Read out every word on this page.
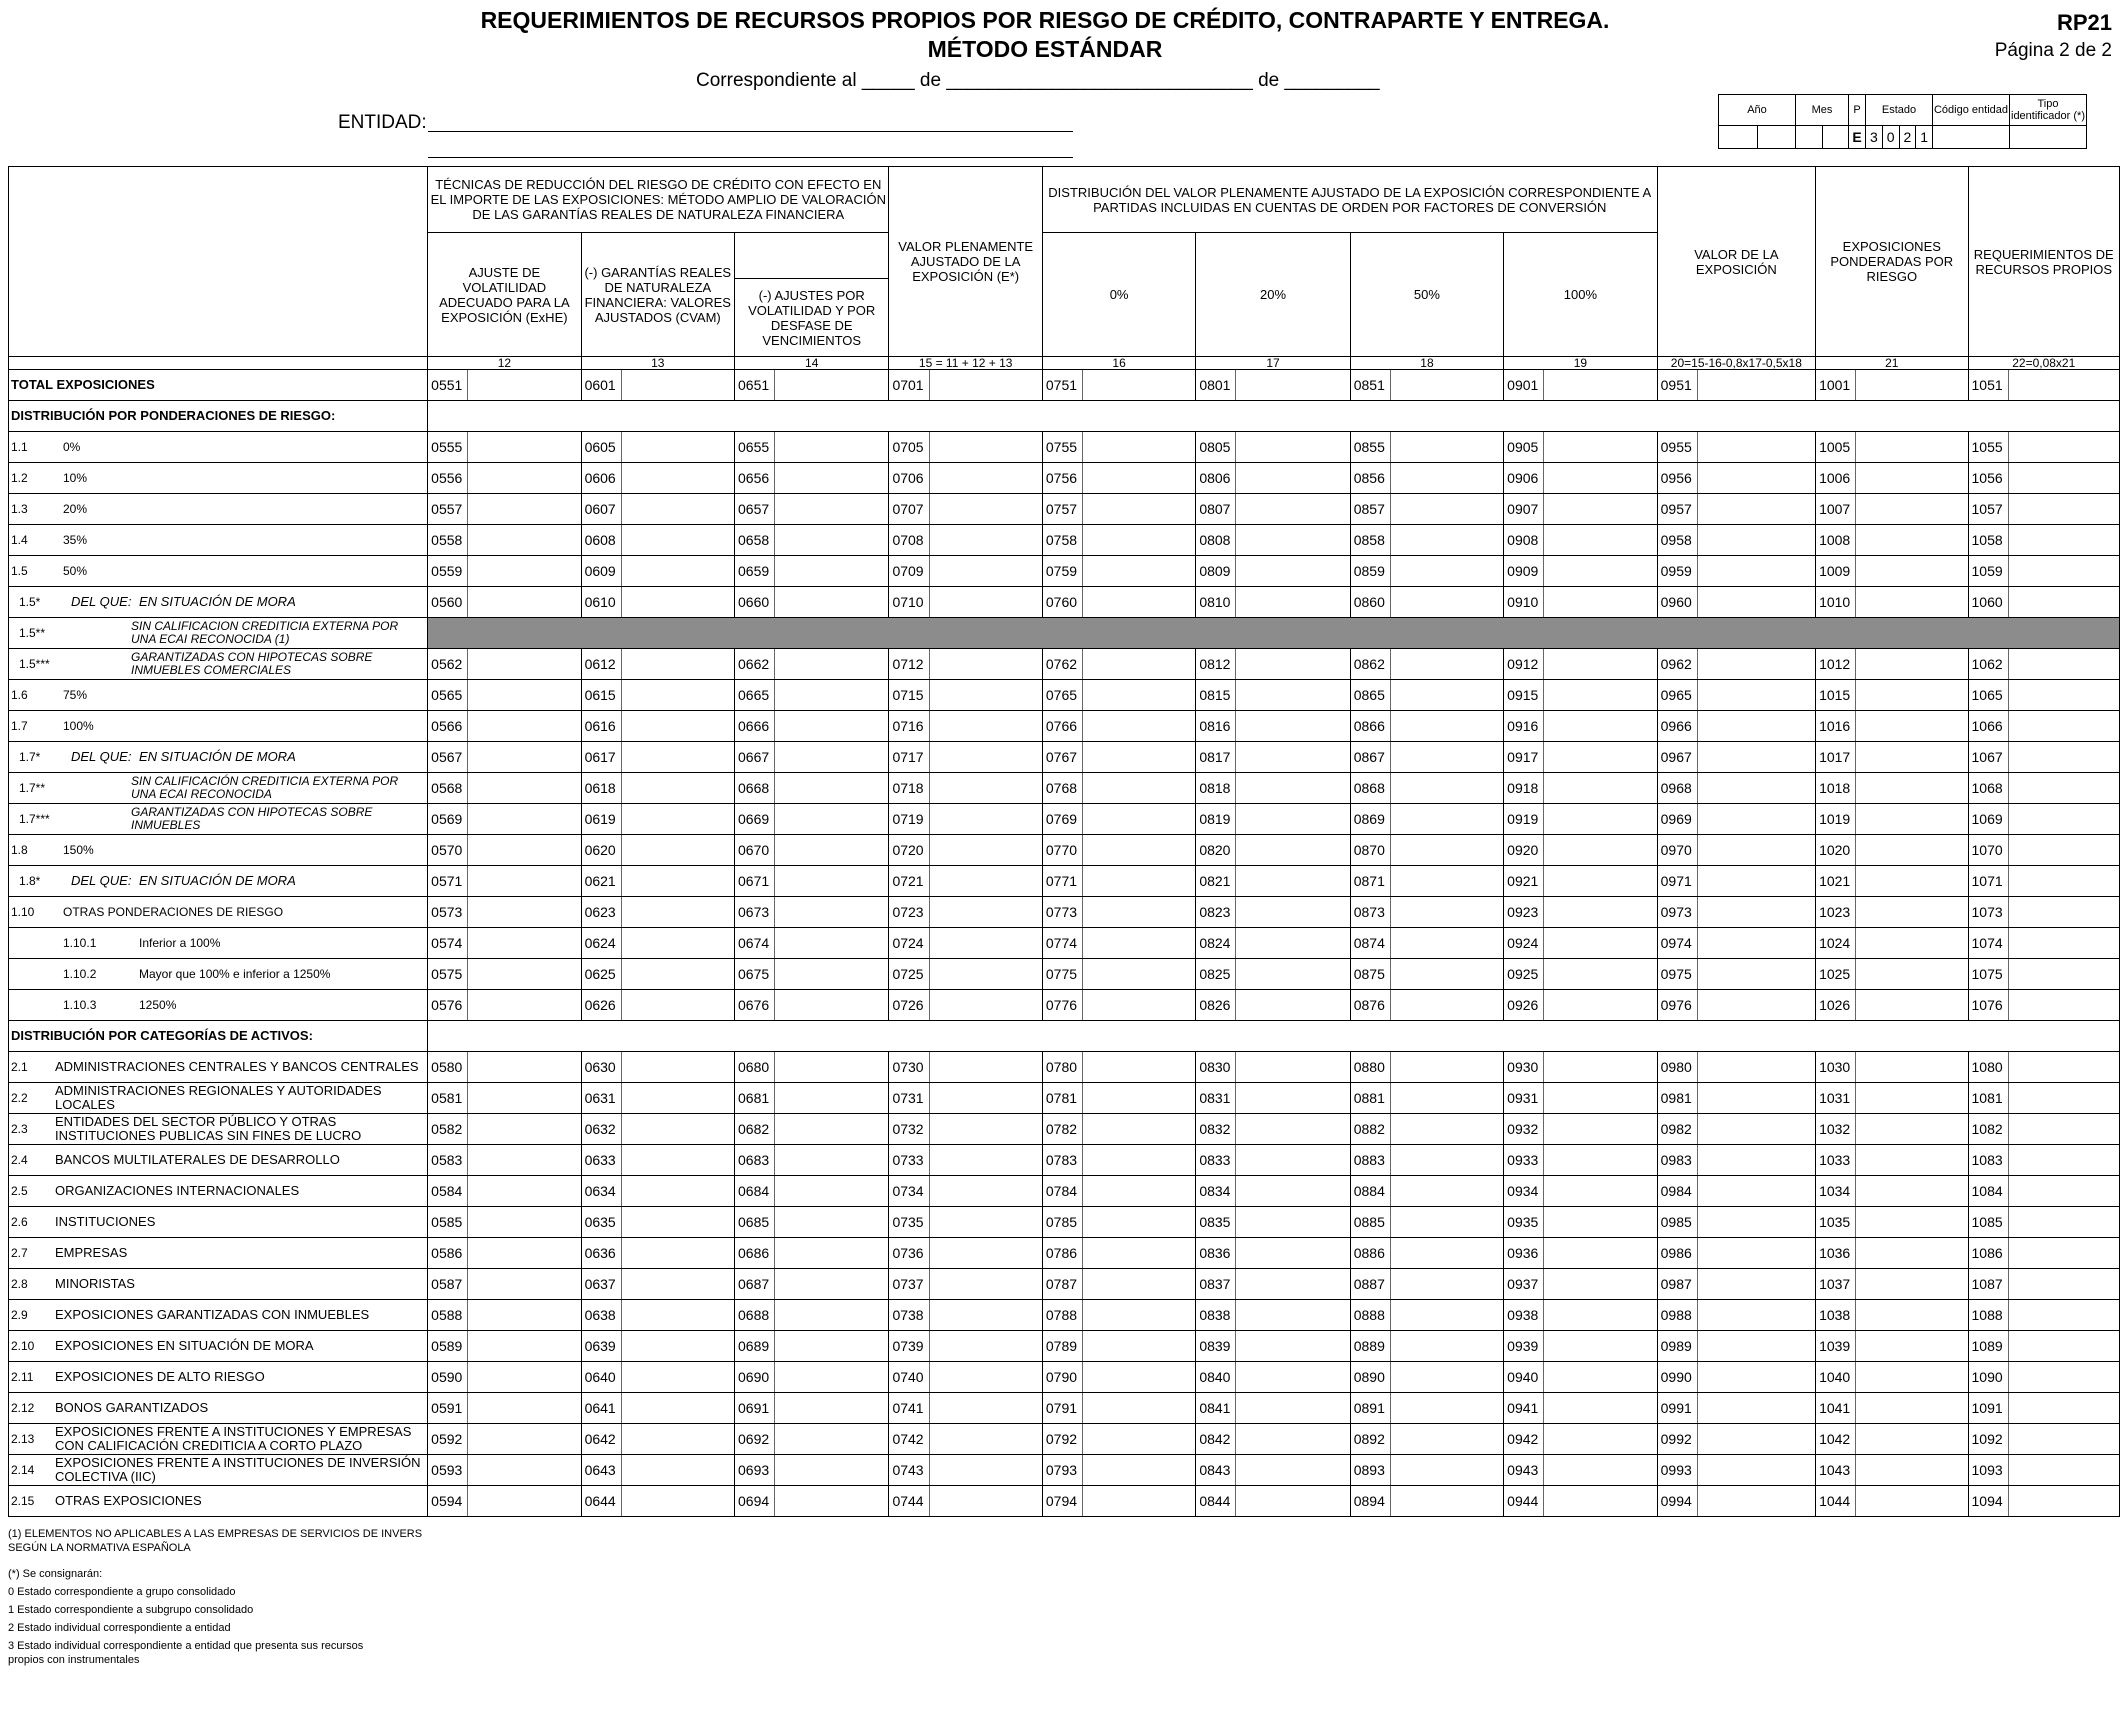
REQUERIMIENTOS DE RECURSOS PROPIOS POR RIESGO DE CRÉDITO, CONTRAPARTE Y ENTREGA.
MÉTODO ESTÁNDAR
RP21
Página 2 de 2
Correspondiente al _____ de _____________________________ de _________
ENTIDAD:
Año		Mes		P	Estado				Código entidad	Tipo identificador (*)
				E	3	0	2	1		
	TÉCNICAS DE REDUCCIÓN DEL RIESGO DE CRÉDITO CON EFECTO EN EL IMPORTE DE LAS EXPOSICIONES: MÉTODO AMPLIO DE VALORACIÓN DE LAS GARANTÍAS REALES DE NATURALEZA FINANCIERA						VALOR PLENAMENTE AJUSTADO DE LA EXPOSICIÓN (E*)		DISTRIBUCIÓN DEL VALOR PLENAMENTE AJUSTADO DE LA EXPOSICIÓN CORRESPONDIENTE A PARTIDAS INCLUIDAS EN CUENTAS DE ORDEN POR FACTORES DE CONVERSIÓN								VALOR DE LA EXPOSICIÓN		EXPOSICIONES PONDERADAS POR RIESGO		REQUERIMIENTOS DE RECURSOS PROPIOS	
	AJUSTE DE VOLATILIDAD ADECUADO PARA LA EXPOSICIÓN (ExHE)		(-) GARANTÍAS REALES DE NATURALEZA FINANCIERA: VALORES AJUSTADOS (CVAM)						0%		20%		50%		100%							
					(-) AJUSTES POR VOLATILIDAD Y POR DESFASE DE VENCIMIENTOS																	
	12		13		14		15 = 11 + 12 + 13		16		17		18		19		20=15-16-0,8x17-0,5x18		21		22=0,08x21	

TOTAL EXPOSICIONES	0551		0601		0651		0701		0751		0801		0851		0901		0951		1001		1051	

DISTRIBUCIÓN POR PONDERACIONES DE RIESGO:																						

1.1 0%	0555		0605		0655		0705		0755		0805		0855		0905		0955		1005		1055	

1.2 10%	0556		0606		0656		0706		0756		0806		0856		0906		0956		1006		1056	

1.3 20%	0557		0607		0657		0707		0757		0807		0857		0907		0957		1007		1057	

1.4 35%	0558		0608		0658		0708		0758		0808		0858		0908		0958		1008		1058	

1.5 50%	0559		0609		0659		0709		0759		0809		0859		0909		0959		1009		1059	

1.5* DEL QUE: EN SITUACIÓN DE MORA	0560		0610		0660		0710		0760		0810		0860		0910		0960		1010		1060	

1.5** SIN CALIFICACION CREDITICIA EXTERNA POR UNA ECAI RECONOCIDA (1)																						

1.5*** GARANTIZADAS CON HIPOTECAS SOBRE INMUEBLES COMERCIALES	0562		0612		0662		0712		0762		0812		0862		0912		0962		1012		1062	

1.6 75%	0565		0615		0665		0715		0765		0815		0865		0915		0965		1015		1065	

1.7 100%	0566		0616		0666		0716		0766		0816		0866		0916		0966		1016		1066	

1.7* DEL QUE: EN SITUACIÓN DE MORA	0567		0617		0667		0717		0767		0817		0867		0917		0967		1017		1067	

1.7** SIN CALIFICACIÓN CREDITICIA EXTERNA POR UNA ECAI RECONOCIDA	0568		0618		0668		0718		0768		0818		0868		0918		0968		1018		1068	

1.7*** GARANTIZADAS CON HIPOTECAS SOBRE INMUEBLES	0569		0619		0669		0719		0769		0819		0869		0919		0969		1019		1069	

1.8 150%	0570		0620		0670		0720		0770		0820		0870		0920		0970		1020		1070	

1.8* DEL QUE: EN SITUACIÓN DE MORA	0571		0621		0671		0721		0771		0821		0871		0921		0971		1021		1071	

1.10 OTRAS PONDERACIONES DE RIESGO	0573		0623		0673		0723		0773		0823		0873		0923		0973		1023		1073	

1.10.1 Inferior a 100%	0574		0624		0674		0724		0774		0824		0874		0924		0974		1024		1074	

1.10.2 Mayor que 100% e inferior a 1250%	0575		0625		0675		0725		0775		0825		0875		0925		0975		1025		1075	

1.10.3 1250%	0576		0626		0676		0726		0776		0826		0876		0926		0976		1026		1076	

DISTRIBUCIÓN POR CATEGORÍAS DE ACTIVOS:																						

2.1 ADMINISTRACIONES CENTRALES Y BANCOS CENTRALES	0580		0630		0680		0730		0780		0830		0880		0930		0980		1030		1080	

2.2 ADMINISTRACIONES REGIONALES Y AUTORIDADES LOCALES	0581		0631		0681		0731		0781		0831		0881		0931		0981		1031		1081	

2.3 ENTIDADES DEL SECTOR PÚBLICO Y OTRAS INSTITUCIONES PUBLICAS SIN FINES DE LUCRO	0582		0632		0682		0732		0782		0832		0882		0932		0982		1032		1082	

2.4 BANCOS MULTILATERALES DE DESARROLLO	0583		0633		0683		0733		0783		0833		0883		0933		0983		1033		1083	

2.5 ORGANIZACIONES INTERNACIONALES	0584		0634		0684		0734		0784		0834		0884		0934		0984		1034		1084	

2.6 INSTITUCIONES	0585		0635		0685		0735		0785		0835		0885		0935		0985		1035		1085	

2.7 EMPRESAS	0586		0636		0686		0736		0786		0836		0886		0936		0986		1036		1086	

2.8 MINORISTAS	0587		0637		0687		0737		0787		0837		0887		0937		0987		1037		1087	

2.9 EXPOSICIONES GARANTIZADAS CON INMUEBLES	0588		0638		0688		0738		0788		0838		0888		0938		0988		1038		1088	

2.10 EXPOSICIONES EN SITUACIÓN DE MORA	0589		0639		0689		0739		0789		0839		0889		0939		0989		1039		1089	

2.11 EXPOSICIONES DE ALTO RIESGO	0590		0640		0690		0740		0790		0840		0890		0940		0990		1040		1090	

2.12 BONOS GARANTIZADOS	0591		0641		0691		0741		0791		0841		0891		0941		0991		1041		1091	

2.13 EXPOSICIONES FRENTE A INSTITUCIONES Y EMPRESAS CON CALIFICACIÓN CREDITICIA A CORTO PLAZO	0592		0642		0692		0742		0792		0842		0892		0942		0992		1042		1092	

2.14 EXPOSICIONES FRENTE A INSTITUCIONES DE INVERSIÓN COLECTIVA (IIC)	0593		0643		0693		0743		0793		0843		0893		0943		0993		1043		1093	

2.15 OTRAS EXPOSICIONES	0594		0644		0694		0744		0794		0844		0894		0944		0994		1044		1094	
(1) ELEMENTOS NO APLICABLES A LAS EMPRESAS DE SERVICIOS DE INVERS SEGÚN LA NORMATIVA ESPAÑOLA
(*) Se consignarán:
0 Estado correspondiente a grupo consolidado
1 Estado correspondiente a subgrupo consolidado
2 Estado individual correspondiente a entidad
3 Estado individual correspondiente a entidad que presenta sus recursos propios con instrumentales
